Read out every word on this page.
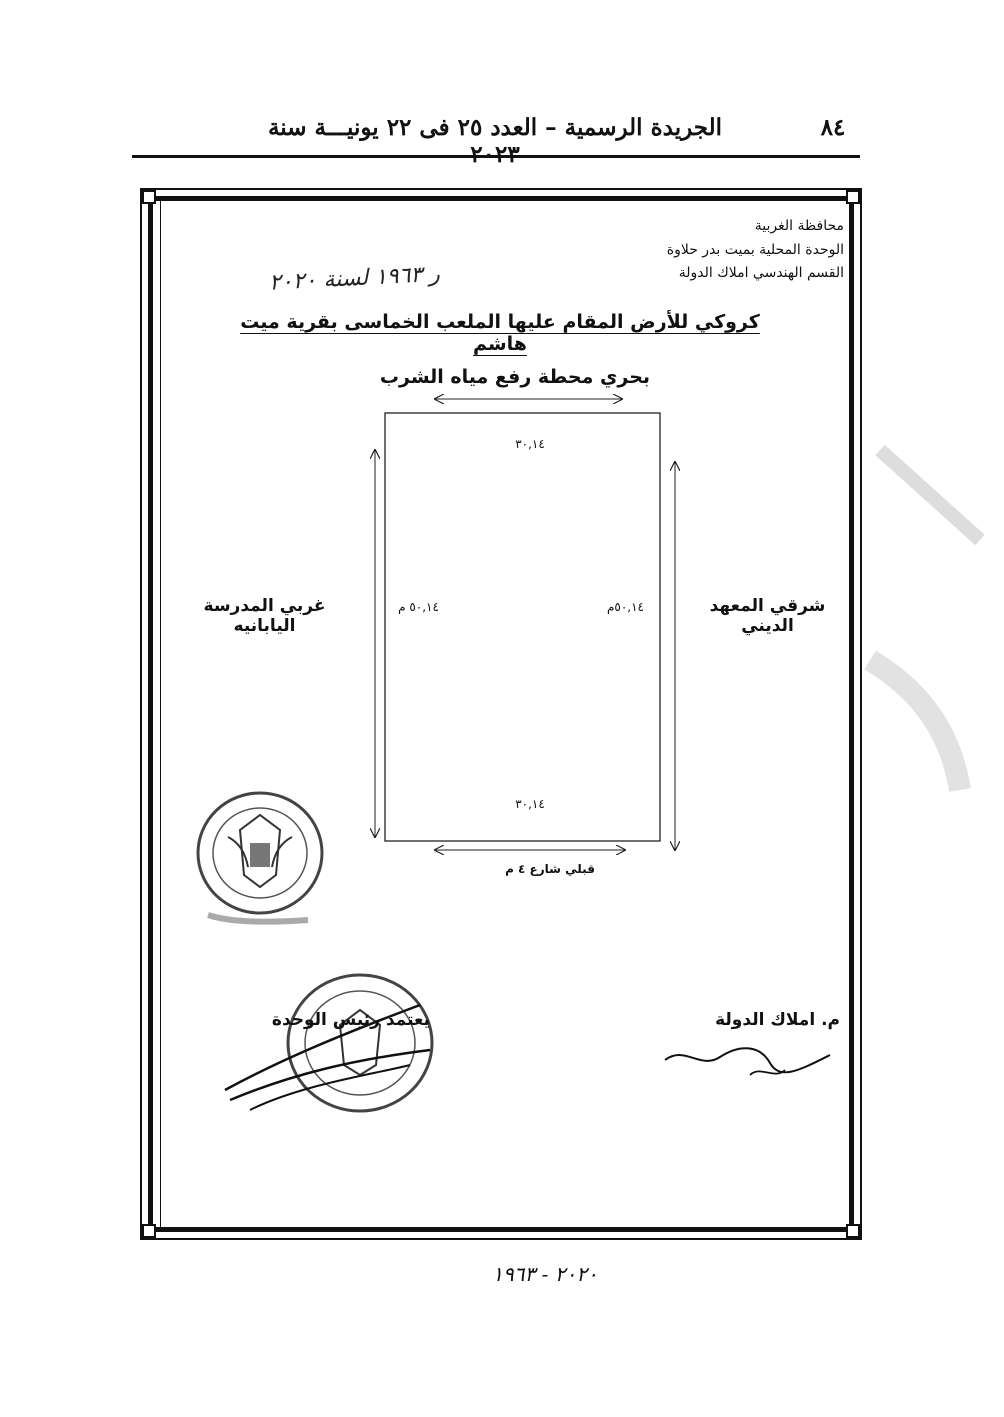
الجريدة الرسمية – العدد ٢٥ فى ٢٢ يونيـــة سنة	٨٤
محافظة الغربية
الوحدة المحلية بميت بدر حلاوة
القسم الهندسي املاك الدولة
ر ١٩٦٣ لسنة ٢٠٢٠
كروكي للأرض المقام عليها الملعب الخماسى بقرية ميت هاشم
بحري محطة رفع مياه الشرب
شرقي المعهد الديني
غربي المدرسة اليابانيه
قبلي شارع ٤ م
٣٠,١٤
٣٠,١٤
٥٠,١٤م
٥٠,١٤ م
يعتمد رئيس الوحدة	م. املاك الدولة
٢٠٢٠ - ١٩٦٣
